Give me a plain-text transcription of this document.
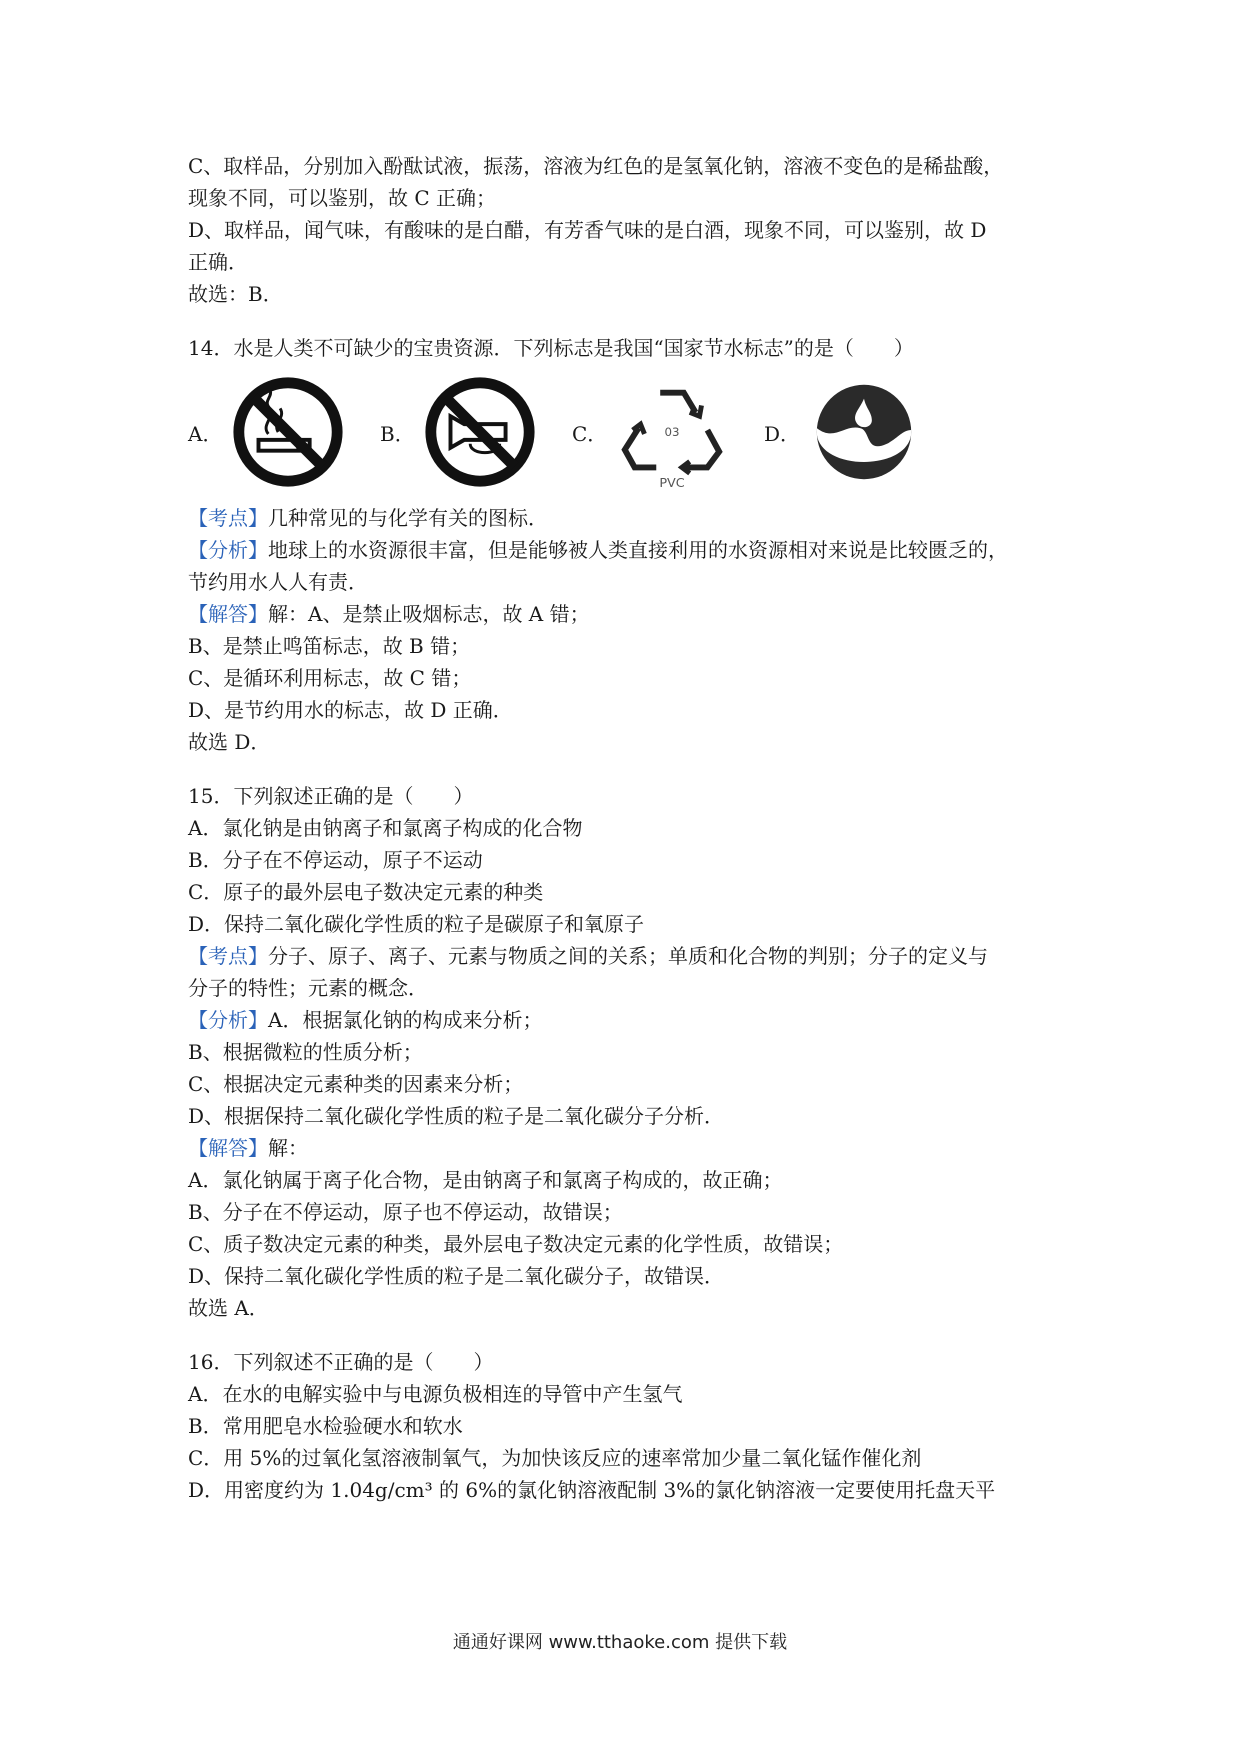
C、取样品，分别加入酚酞试液，振荡，溶液为红色的是氢氧化钠，溶液不变色的是稀盐酸，
现象不同，可以鉴别，故 C 正确；
D、取样品，闻气味，有酸味的是白醋，有芳香气味的是白酒，现象不同，可以鉴别，故 D
正确．
故选：B．
14．水是人类不可缺少的宝贵资源．下列标志是我国“国家节水标志”的是（　　）
A．	B．	C．	03
PVC
D．
【考点】几种常见的与化学有关的图标．
【分析】地球上的水资源很丰富，但是能够被人类直接利用的水资源相对来说是比较匮乏的，
节约用水人人有责．
【解答】解：A、是禁止吸烟标志，故 A 错；
B、是禁止鸣笛标志，故 B 错；
C、是循环利用标志，故 C 错；
D、是节约用水的标志，故 D 正确．
故选 D．
15．下列叙述正确的是（　　）
A．氯化钠是由钠离子和氯离子构成的化合物
B．分子在不停运动，原子不运动
C．原子的最外层电子数决定元素的种类
D．保持二氧化碳化学性质的粒子是碳原子和氧原子
【考点】分子、原子、离子、元素与物质之间的关系；单质和化合物的判别；分子的定义与
分子的特性；元素的概念．
【分析】A．根据氯化钠的构成来分析；
B、根据微粒的性质分析；
C、根据决定元素种类的因素来分析；
D、根据保持二氧化碳化学性质的粒子是二氧化碳分子分析．
【解答】解：
A．氯化钠属于离子化合物，是由钠离子和氯离子构成的，故正确；
B、分子在不停运动，原子也不停运动，故错误；
C、质子数决定元素的种类，最外层电子数决定元素的化学性质，故错误；
D、保持二氧化碳化学性质的粒子是二氧化碳分子，故错误．
故选 A．
16．下列叙述不正确的是（　　）
A．在水的电解实验中与电源负极相连的导管中产生氢气
B．常用肥皂水检验硬水和软水
C．用 5%的过氧化氢溶液制氧气，为加快该反应的速率常加少量二氧化锰作催化剂
D．用密度约为 1.04g/cm³ 的 6%的氯化钠溶液配制 3%的氯化钠溶液一定要使用托盘天平
通通好课网 www.tthaoke.com 提供下载
